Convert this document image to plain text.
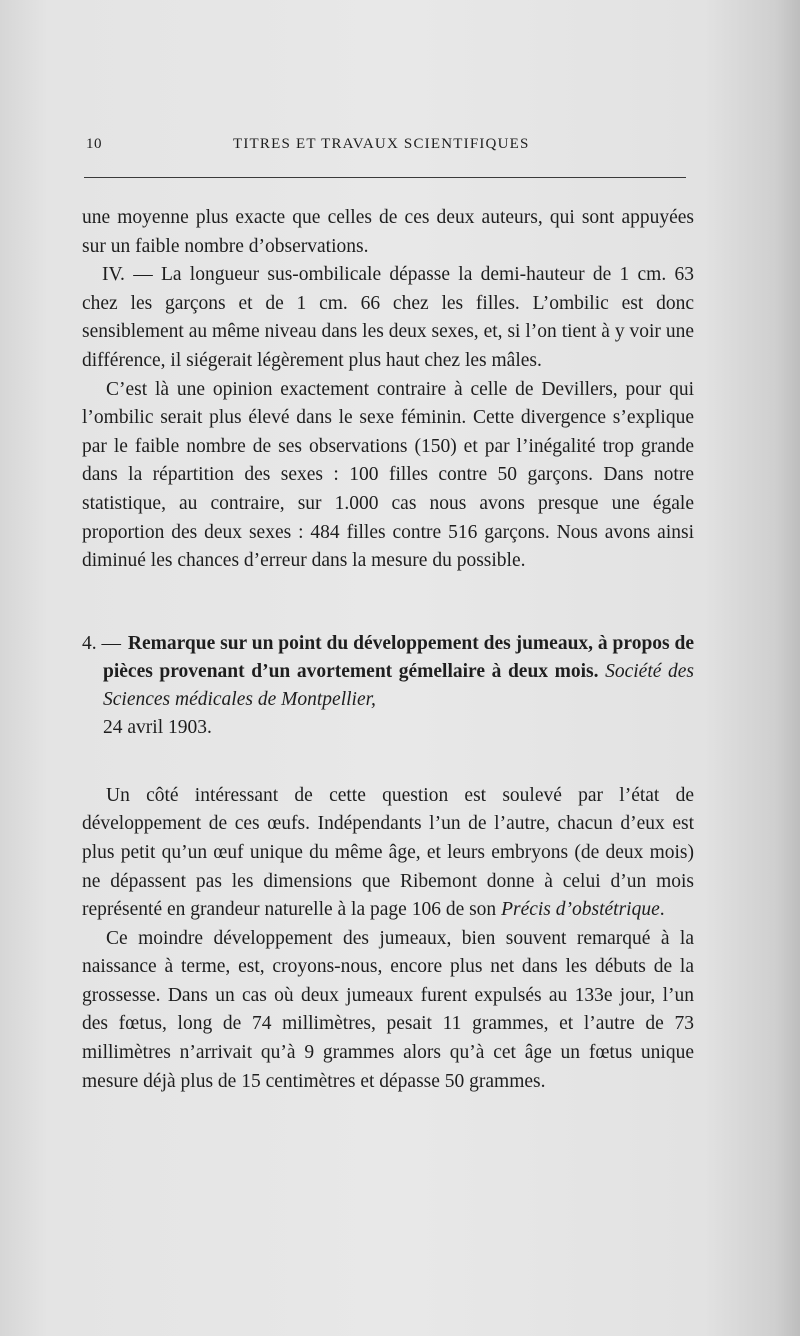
10	TITRES ET TRAVAUX SCIENTIFIQUES

une moyenne plus exacte que celles de ces deux auteurs, qui sont appuyées sur un faible nombre d’observations.

IV. — La longueur sus-ombilicale dépasse la demi-hauteur de 1 cm. 63 chez les garçons et de 1 cm. 66 chez les filles. L’ombilic est donc sensiblement au même niveau dans les deux sexes, et, si l’on tient à y voir une différence, il siégerait légèrement plus haut chez les mâles.

C’est là une opinion exactement contraire à celle de Devillers, pour qui l’ombilic serait plus élevé dans le sexe féminin. Cette divergence s’explique par le faible nombre de ses observations (150) et par l’inégalité trop grande dans la répartition des sexes : 100 filles contre 50 garçons. Dans notre statistique, au contraire, sur 1.000 cas nous avons presque une égale proportion des deux sexes : 484 filles contre 516 garçons. Nous avons ainsi diminué les chances d’erreur dans la mesure du possible.

4. — Remarque sur un point du développement des jumeaux, à propos de pièces provenant d’un avortement gémellaire à deux mois. Société des Sciences médicales de Montpellier,
24 avril 1903.

Un côté intéressant de cette question est soulevé par l’état de développement de ces œufs. Indépendants l’un de l’autre, chacun d’eux est plus petit qu’un œuf unique du même âge, et leurs embryons (de deux mois) ne dépassent pas les dimensions que Ribemont donne à celui d’un mois représenté en grandeur naturelle à la page 106 de son Précis d’obstétrique.

Ce moindre développement des jumeaux, bien souvent remarqué à la naissance à terme, est, croyons-nous, encore plus net dans les débuts de la grossesse. Dans un cas où deux jumeaux furent expulsés au 133e jour, l’un des fœtus, long de 74 millimètres, pesait 11 grammes, et l’autre de 73 millimètres n’arrivait qu’à 9 grammes alors qu’à cet âge un fœtus unique mesure déjà plus de 15 centimètres et dépasse 50 grammes.
